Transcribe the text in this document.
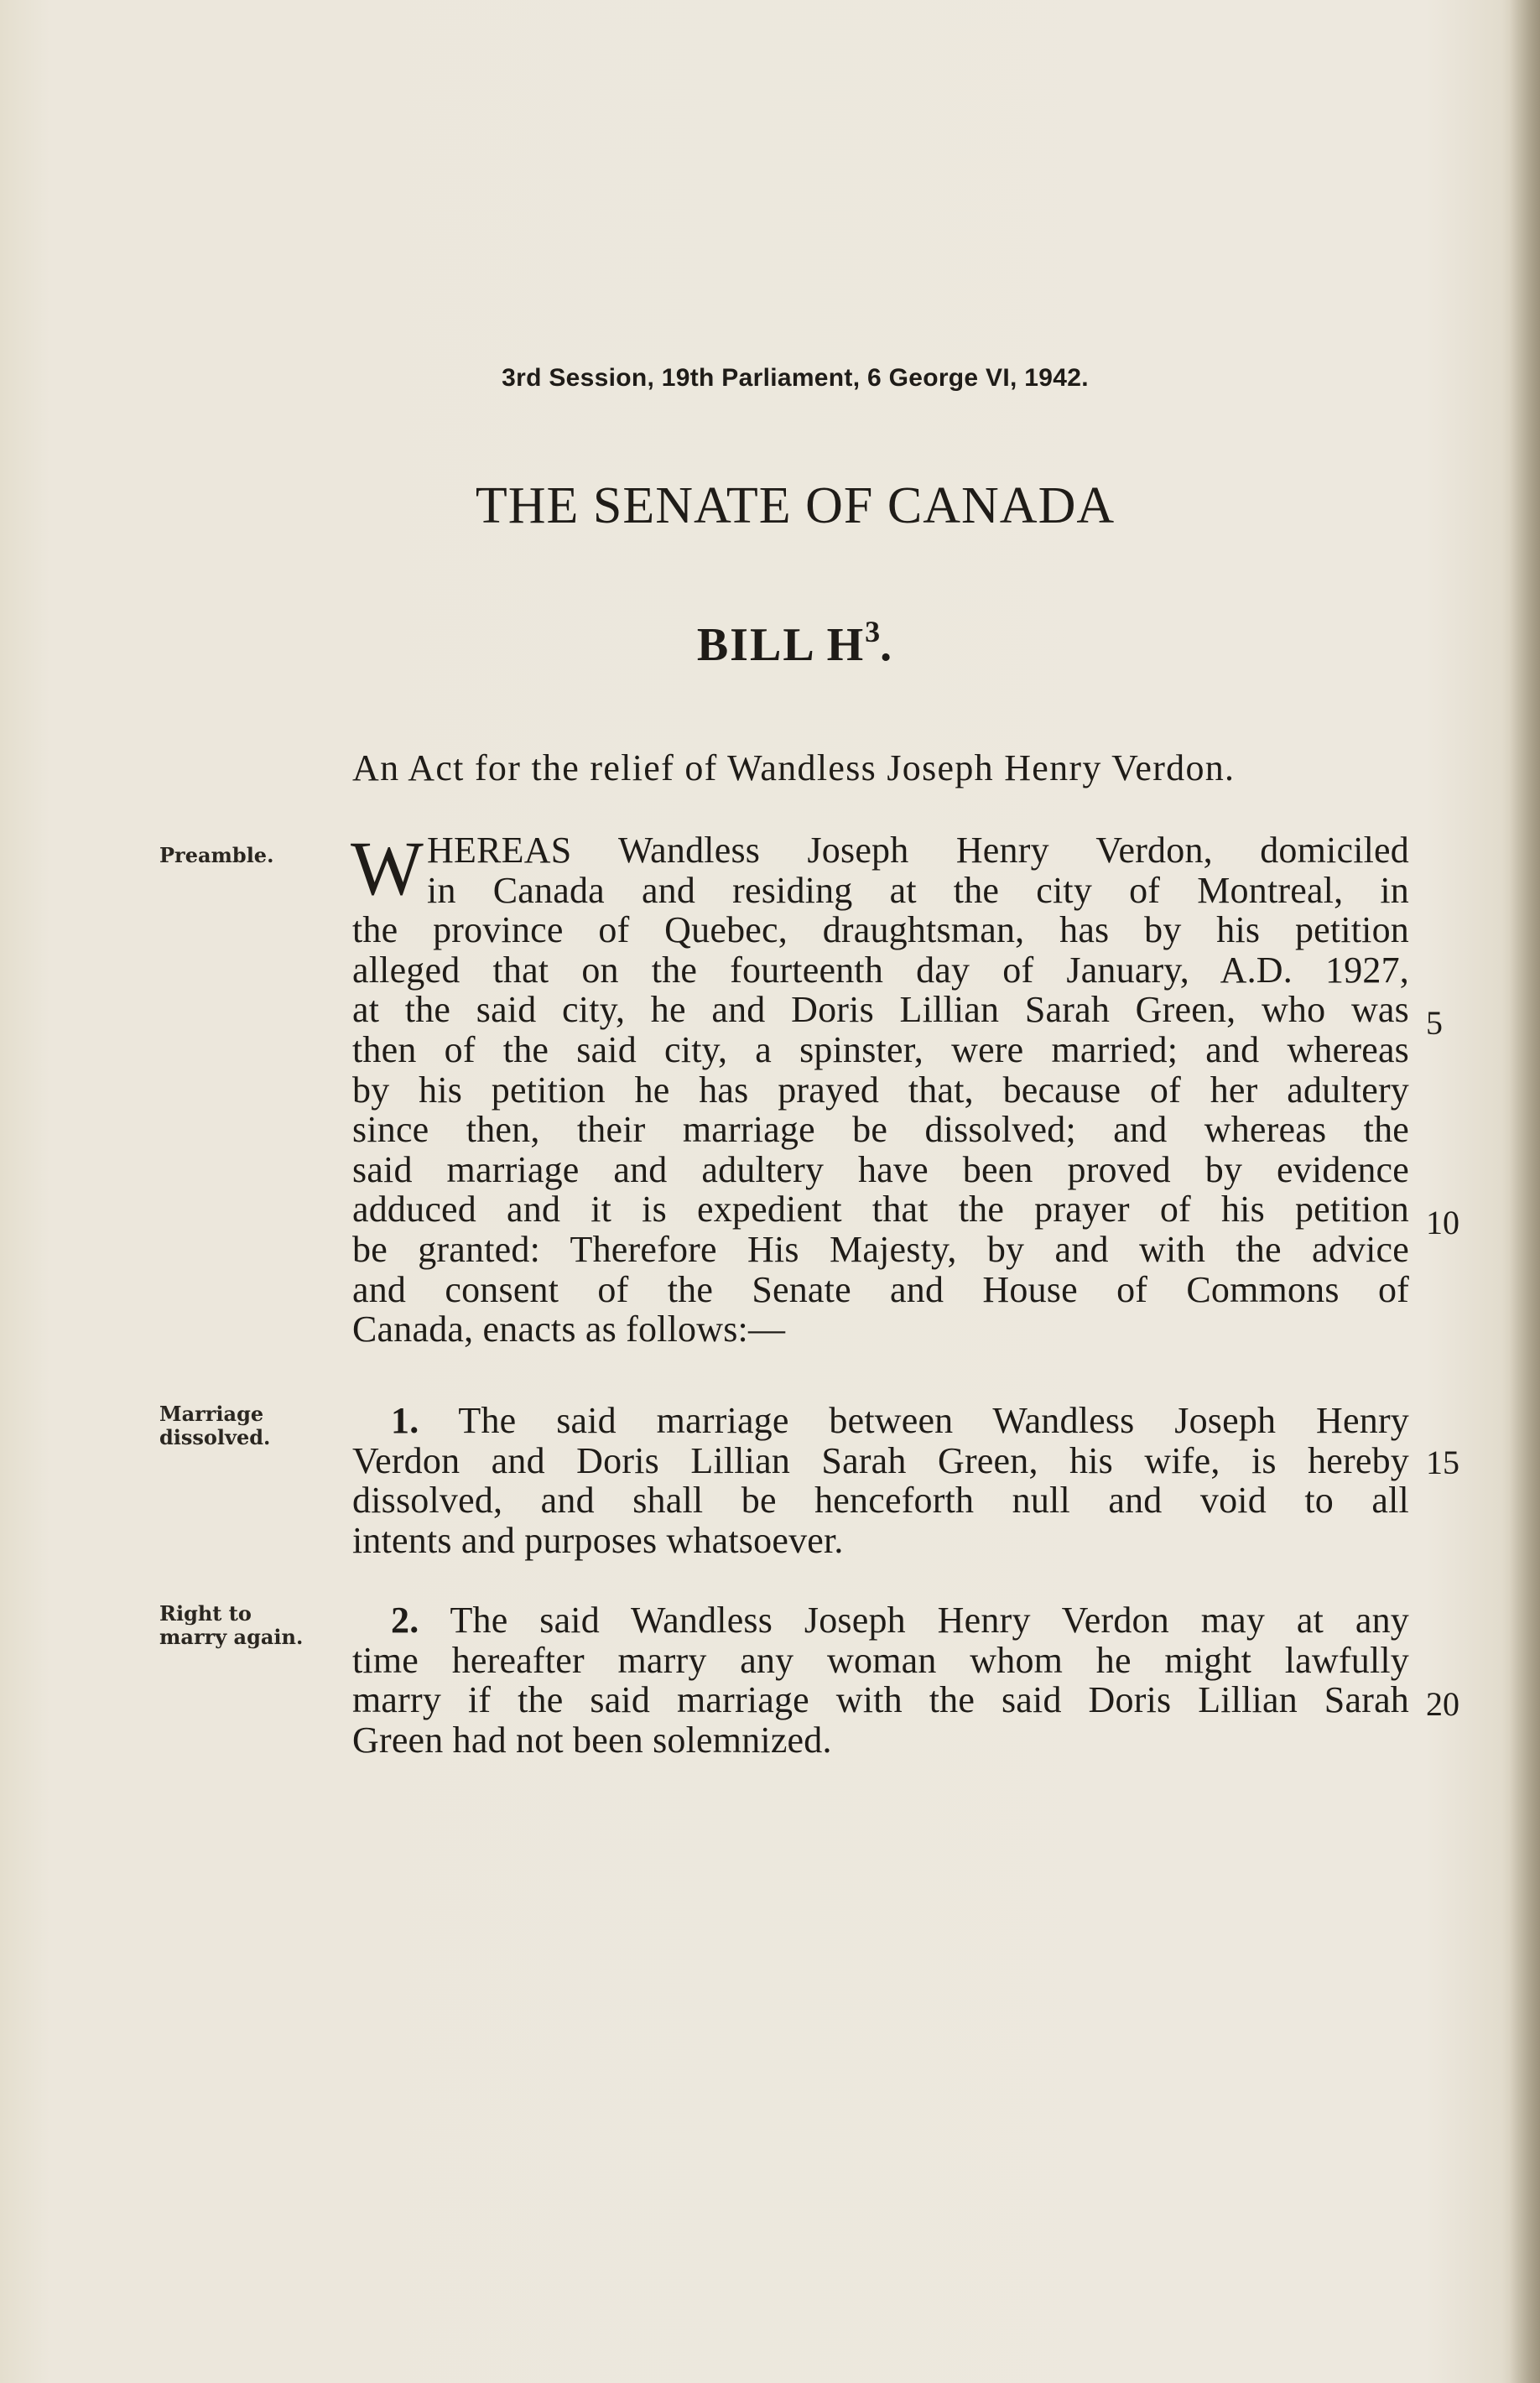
3rd Session, 19th Parliament, 6 George VI, 1942.
THE SENATE OF CANADA
BILL $H^3$.
An Act for the relief of Wandless Joseph Henry Verdon.
Preamble. W HEREAS Wandless Joseph Henry Verdon, domiciled
in Canada and residing at the city of Montreal, in
the province of Quebec, draughtsman, has by his petition
alleged that on the fourteenth day of January, A.D. 1927,
at the said city, he and Doris Lillian Sarah Green, who was
then of the said city, a spinster, were married; and whereas
by his petition he has prayed that, because of her adultery
since then, their marriage be dissolved; and whereas the
said marriage and adultery have been proved by evidence
adduced and it is expedient that the prayer of his petition
be granted: Therefore His Majesty, by and with the advice
and consent of the Senate and House of Commons of
Canada, enacts as follows:—
Marriage
dissolved.	1. The said marriage between Wandless Joseph Henry
Verdon and Doris Lillian Sarah Green, his wife, is hereby
dissolved, and shall be henceforth null and void to all
intents and purposes whatsoever.
Right to
marry again.	2. The said Wandless Joseph Henry Verdon may at any
time hereafter marry any woman whom he might lawfully
marry if the said marriage with the said Doris Lillian Sarah
Green had not been solemnized.
5
10
15
20
